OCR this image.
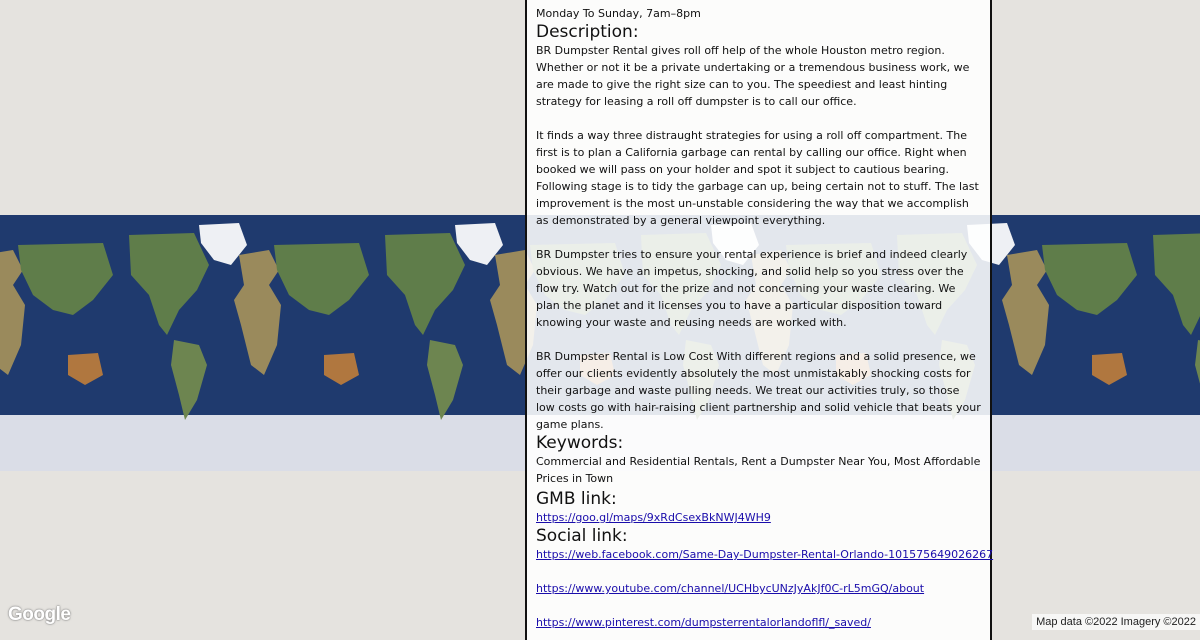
Google	Map data ©2022 Imagery ©2022
Monday To Sunday, 7am–8pm
Description:

BR Dumpster Rental gives roll off help of the whole Houston metro region. Whether or not it be a private undertaking or a tremendous business work, we are made to give the right size can to you. The speediest and least hinting strategy for leasing a roll off dumpster is to call our office.

It finds a way three distraught strategies for using a roll off compartment. The first is to plan a California garbage can rental by calling our office. Right when booked we will pass on your holder and spot it subject to cautious bearing. Following stage is to tidy the garbage can up, being certain not to stuff. The last improvement is the most un-unstable considering the way that we accomplish as demonstrated by a general viewpoint everything.

BR Dumpster tries to ensure your rental experience is brief and indeed clearly obvious. We have an impetus, shocking, and solid help so you stress over the flow try. Watch out for the prize and not concerning your waste clearing. We plan the planet and it licenses you to have a particular disposition toward knowing your waste and reusing needs are worked with.

BR Dumpster Rental is Low Cost With different regions and a solid presence, we offer our clients evidently absolutely the most unmistakably shocking costs for their garbage and waste pulling needs. We treat our activities truly, so those low costs go with hair-raising client partnership and solid vehicle that beats your game plans.

Keywords:

Commercial and Residential Rentals, Rent a Dumpster Near You, Most Affordable Prices in Town

GMB link:
https://goo.gl/maps/9xRdCsexBkNWJ4WH9
Social link:
https://web.facebook.com/Same-Day-Dumpster-Rental-Orlando-101575649026267
https://www.youtube.com/channel/UCHbycUNzJyAkJf0C-rL5mGQ/about
https://www.pinterest.com/dumpsterrentalorlandoflfl/_saved/
